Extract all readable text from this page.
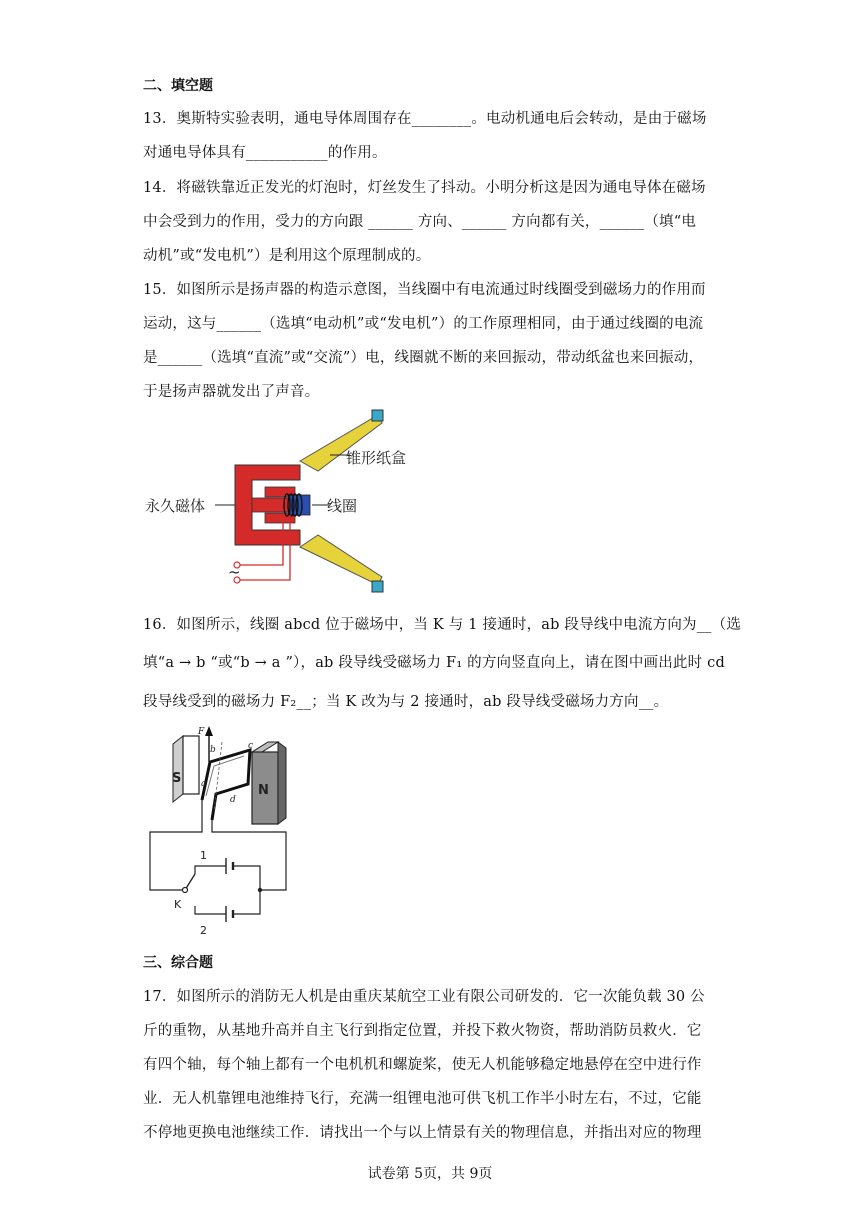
二、填空题
13．奥斯特实验表明，通电导体周围存在________。电动机通电后会转动，是由于磁场
对通电导体具有___________的作用。
14．将磁铁靠近正发光的灯泡时，灯丝发生了抖动。小明分析这是因为通电导体在磁场
中会受到力的作用，受力的方向跟 ______ 方向、______ 方向都有关，______（填“电
动机”或“发电机”）是利用这个原理制成的。
15．如图所示是扬声器的构造示意图，当线圈中有电流通过时线圈受到磁场力的作用而
运动，这与______（选填“电动机”或“发电机”）的工作原理相同，由于通过线圈的电流
是______（选填“直流”或“交流”）电，线圈就不断的来回振动，带动纸盆也来回振动，
于是扬声器就发出了声音。
锥形纸盒
永久磁体	线圈
~
16．如图所示，线圈 abcd 位于磁场中，当 K 与 1 接通时，ab 段导线中电流方向为__（选
填“a → b “或“b → a ”），ab 段导线受磁场力 F₁ 的方向竖直向上，请在图中画出此时 cd
段导线受到的磁场力 F₂__；当 K 改为与 2 接通时，ab 段导线受磁场力方向__。
S
N
F
a
b	c
d
1
2
K
三、综合题
17．如图所示的消防无人机是由重庆某航空工业有限公司研发的．它一次能负载 30 公
斤的重物，从基地升高并自主飞行到指定位置，并投下救火物资，帮助消防员救火．它
有四个轴，每个轴上都有一个电机机和螺旋桨，使无人机能够稳定地悬停在空中进行作
业．无人机靠锂电池维持飞行，充满一组锂电池可供飞机工作半小时左右，不过，它能
不停地更换电池继续工作．请找出一个与以上情景有关的物理信息，并指出对应的物理
试卷第 5页，共 9页
